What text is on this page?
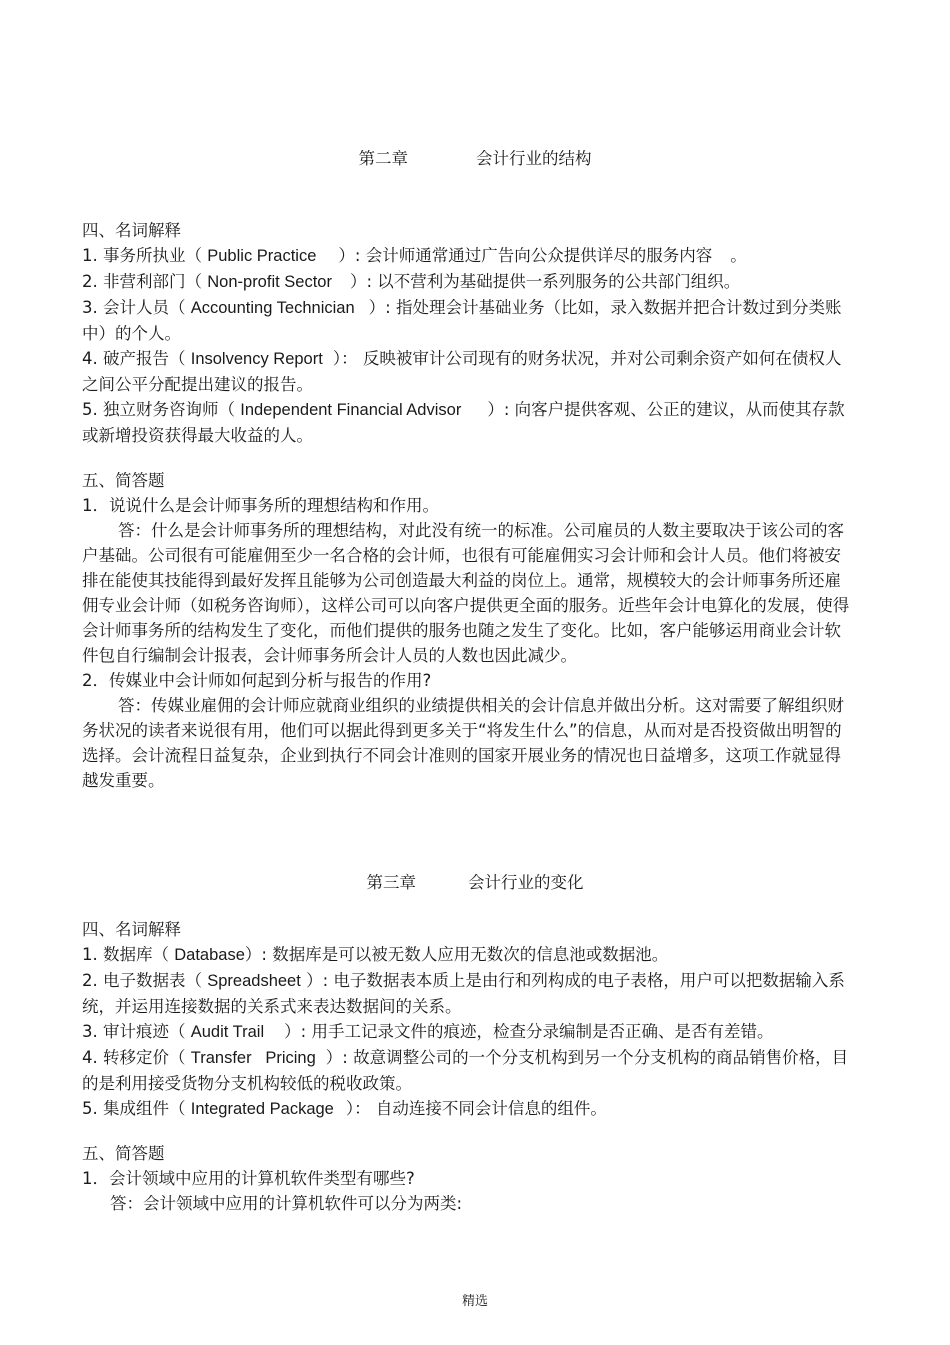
第二章	会计行业的结构
四、名词解释
1. 事务所执业（ Public Practice ）: 会计师通常通过广告向公众提供详尽的服务内容 。
2. 非营利部门（ Non-profit Sector ）: 以不营利为基础提供一系列服务的公共部门组织。
3. 会计人员（ Accounting Technician ）: 指处理会计基础业务（比如，录入数据并把合计数过到分类账中）的个人。
4. 破产报告（ Insolvency Report ）： 反映被审计公司现有的财务状况，并对公司剩余资产如何在债权人之间公平分配提出建议的报告。
5. 独立财务咨询师（ Independent Financial Advisor ）: 向客户提供客观、公正的建议，从而使其存款或新增投资获得最大收益的人。
五、简答题
1．说说什么是会计师事务所的理想结构和作用。
答：什么是会计师事务所的理想结构，对此没有统一的标准。公司雇员的人数主要取决于该公司的客户基础。公司很有可能雇佣至少一名合格的会计师，也很有可能雇佣实习会计师和会计人员。他们将被安排在能使其技能得到最好发挥且能够为公司创造最大利益的岗位上。通常，规模较大的会计师事务所还雇佣专业会计师（如税务咨询师），这样公司可以向客户提供更全面的服务。近些年会计电算化的发展，使得会计师事务所的结构发生了变化，而他们提供的服务也随之发生了变化。比如，客户能够运用商业会计软件包自行编制会计报表，会计师事务所会计人员的人数也因此减少。
2．传媒业中会计师如何起到分析与报告的作用?
答：传媒业雇佣的会计师应就商业组织的业绩提供相关的会计信息并做出分析。这对需要了解组织财务状况的读者来说很有用，他们可以据此得到更多关于“将发生什么”的信息，从而对是否投资做出明智的选择。会计流程日益复杂，企业到执行不同会计准则的国家开展业务的情况也日益增多，这项工作就显得越发重要。
第三章	会计行业的变化
四、名词解释
1. 数据库（ Database）: 数据库是可以被无数人应用无数次的信息池或数据池。
2. 电子数据表（ Spreadsheet ）: 电子数据表本质上是由行和列构成的电子表格，用户可以把数据输入系统，并运用连接数据的关系式来表达数据间的关系。
3. 审计痕迹（ Audit Trail ）: 用手工记录文件的痕迹，检查分录编制是否正确、是否有差错。
4. 转移定价（ Transfer   Pricing ）: 故意调整公司的一个分支机构到另一个分支机构的商品销售价格，目的是利用接受货物分支机构较低的税收政策。
5. 集成组件（ Integrated Package ）： 自动连接不同会计信息的组件。
五、简答题
1．会计领域中应用的计算机软件类型有哪些?
答：会计领域中应用的计算机软件可以分为两类:
精选
